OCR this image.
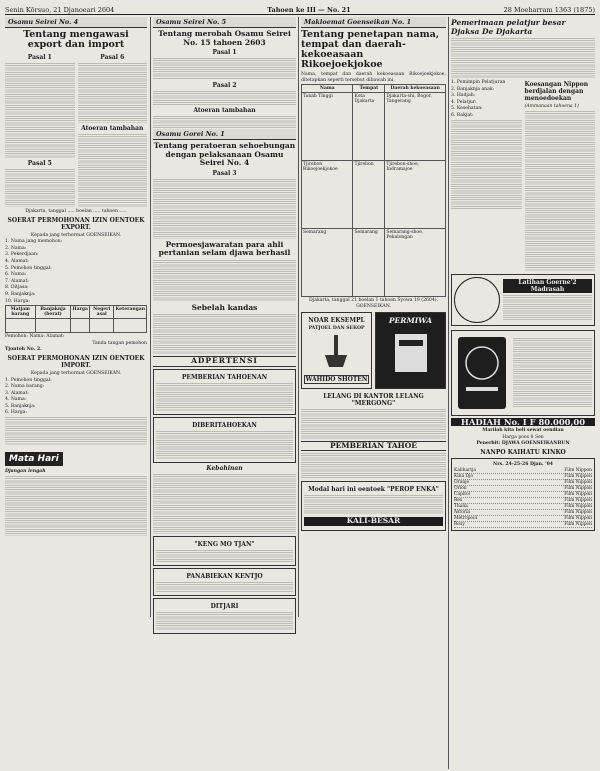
Senin Kōrsuo, 21 Djanoeari 2604	Tahoen ke III — No. 21	28 Moeharram 1363 (1875)
Osamu Seirei No. 4
Tentang mengawasi export dan import
Pasal 1
Pasal 5
Pasal 6
Atoeran tambahan
Djakarta, tanggal ..... boelan ..... tahoen .....
SOERAT PERMOHONAN IZIN OENTOEK EXPORT.
Kepada jang terhormat GOENSEIKAN.
1. Nama jang memohon:
2. Nama:
3. Pekerdjaan:
4. Alamat:
5. Pemohon tinggal:
6. Nama:
7. Alamat:
8. Ditjasa:
9. Banjaknja:
10. Harga:
Matjam barang	Banjaknja (berat)	Harga	Negeri asal	Keterangan

Pemohon: Nama: Alamat:
Tanda tangan pemohon
Tjontoh No. 2.
SOERAT PERMOHONAN IZIN OENTOEK IMPORT.
Kepada jang terhormat GOENSEIKAN.
1. Pemohon tinggal:
2. Nama barang:
3. Alamat:
4. Nama:
5. Banjaknja:
6. Harga:
Mata Hari
Djangan lengah
Osamu Seirei No. 5
Tentang merobah Osamu Seirei No. 15 tahoen 2603
Pasal 1
Pasal 2
Atoeran tambahan
Osamu Gorei No. 1
Tentang peratoeran sehoebungan dengan pelaksanaan Osamu Seirei No. 4
Pasal 3
Permoesjawaratan para ahli pertanian selam djawa berhasil
Sebelah kandas
ADPERTENSI
PEMBERIAN TAHOENAN
DIBERITAHOEKAN
Kebahinan
"KENG MO TJAN"
PANABIEKAN KENTJO
DITJARI
Makloemat Goenseikan No. 1
Tentang penetapan nama, tempat dan daerah-kekoeasaan Rikoejoekjokoe
Nama, tempat dan daerah kekoeasaan Rikoejoekjokoe, ditetapkan seperti tersebut dibawah ini.
Nama	Tempat	Daerah kekoeasaan
Tanah Tinggi	Kota Djakarta	Djakarta-shi, Bogor, Tangerang
Tjirebon Rikoejoekjokoe	Tjirebon	Tjirebon-shoe, Indramajoe
Semarang	Semarang	Semarang-shoe, Pekalongan
Djakarta, tanggal 21 boelan 1 tahoen Syowa 19 (2604). GOENSEIKAN.
NOAR EKSEMPL
PATJOEL DAN SEKOP
WAHIDO SHOTEN
PERMIWA
LELANG DI KANTOR LELANG "MERGONG"
PEMBERIAN TAHOE
Modal hari ini oentoek "PEROP ENKA"
KALI-BESAR
Pemerimaan pelatjur besar Djaksa De Djakarta
1. Pemimpin Pelatjuran
2. Banjaknja anak:
3. Hadjah:
4. Pelatjur:
5. Kesehatan:
6. Rakjat:
Koesangan Nippon berdjalan dengan menoedoekan
(Ammanaan tahoena 1)
Latihan Goerne'2 Madrasah
HADIAH No. I F 80.000,00
Marilah kita beli sewat oendian
Harga poes 8 Sen
Penerbit: DJAWA GOENSEIKANBUN
NANPO KAIHATU KINKO
Nrs. 24-25-26 Djan. '04
Kalihartja	Film Nippon
Kina Djo	Film Nippon
Oranje	Film Nippon
Orion	Film Nippon
Capitol	Film Nippon
Rex	Film Nippon
Thalia	Film Nippon
Astoria	Film Nippon
Metropool	Film Nippon
Roxy	Film Nippon
